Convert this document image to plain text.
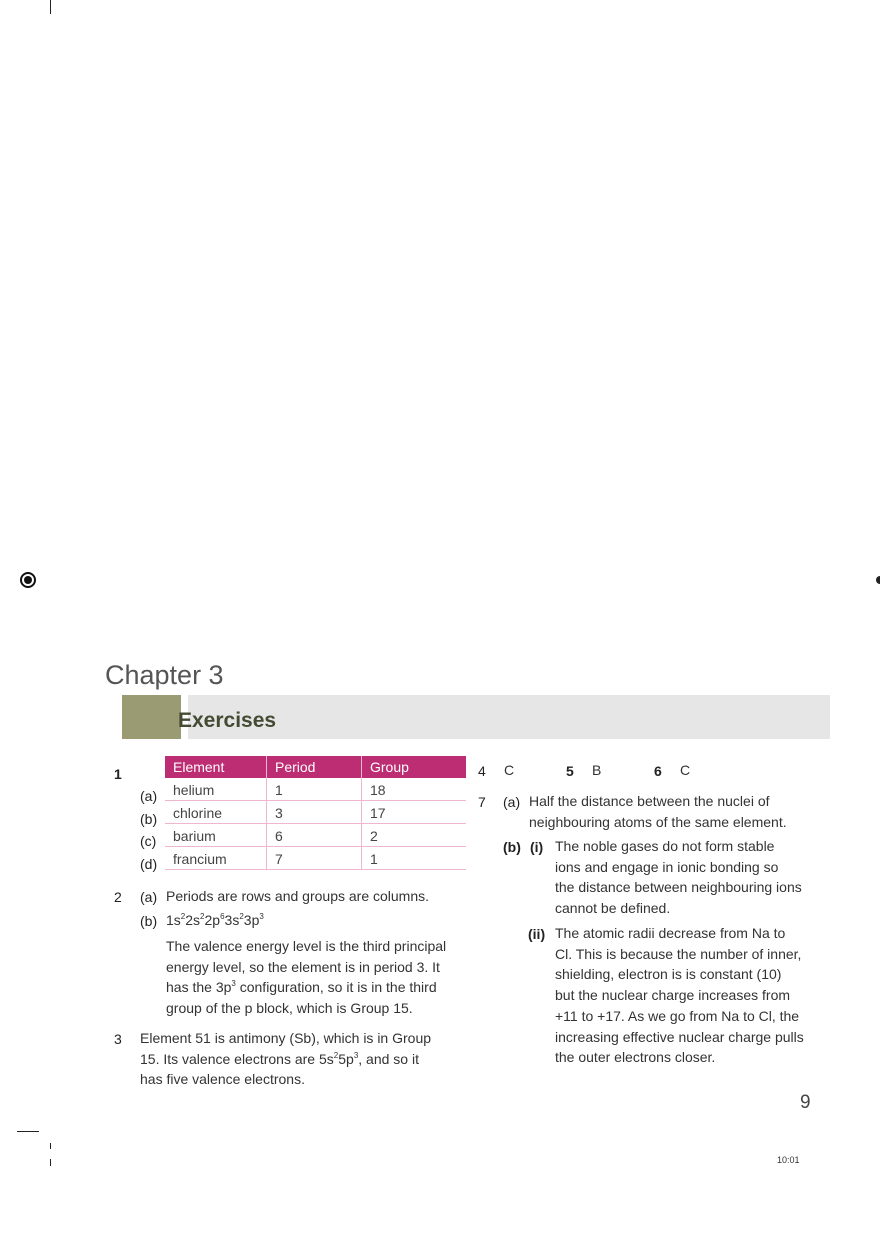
Chapter 3
Exercises
1	Element	Period	Group
helium	1	18
chlorine	3	17
barium	6	2
francium	7	1
(a)
(b)
(c)
(d)
2 (a) Periods are rows and groups are columns.
(b) $1s^22s^22p^63s^23p^3$
The valence energy level is the third principal
energy level, so the element is in period 3. It
has the $3p^3$ configuration, so it is in the third
group of the p block, which is Group 15.
3 Element 51 is antimony (Sb), which is in Group
15. Its valence electrons are $5s^25p^3$, and so it
has five valence electrons.
4 C	5 B	6 C
7 (a) Half the distance between the nuclei of
neighbouring atoms of the same element.
(b) (i) The noble gases do not form stable
ions and engage in ionic bonding so
the distance between neighbouring ions
cannot be defined.
(ii) The atomic radii decrease from Na to
Cl. This is because the number of inner,
shielding, electron is is constant (10)
but the nuclear charge increases from
+11 to +17. As we go from Na to Cl, the
increasing effective nuclear charge pulls
the outer electrons closer.
9
10:01
